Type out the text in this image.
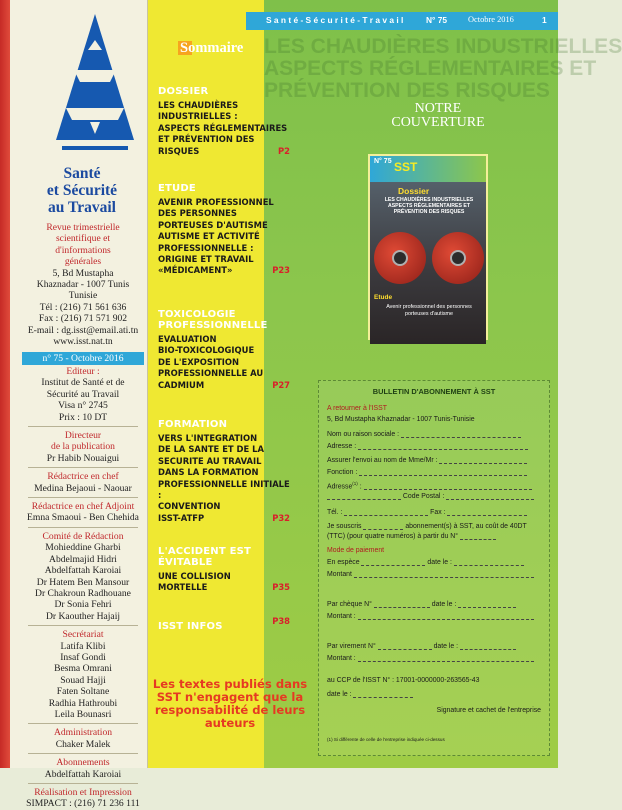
Santé
et Sécurité
au Travail
Revue trimestrielle
scientifique et
d'informations
générales
5, Bd Mustapha
Khaznadar - 1007 Tunis
Tunisie
Tél : (216) 71 561 636
Fax : (216) 71 571 902
E-mail : dg.isst@email.ati.tn
www.isst.nat.tn
n° 75 - Octobre 2016
Editeur :
Institut de Santé et de
Sécurité au Travail
Visa n° 2745
Prix : 10 DT
Directeur
de la publication
Pr Habib Nouaigui
Rédactrice en chef
Medina Bejaoui - Naouar
Rédactrice en chef Adjoint
Emna Smaoui - Ben Chehida
Comité de Rédaction
Mohieddine Gharbi
Abdelmajid Hidri
Abdelfattah Karoiai
Dr Hatem Ben Mansour
Dr Chakroun Radhouane
Dr Sonia Fehri
Dr Kaouther Hajaij
Secrétariat
Latifa Klibi
Insaf Gondi
Besma Omrani
Souad Hajji
Faten Soltane
Radhia Hathroubi
Leila Bounasri
Administration
Chaker Malek
Abonnements
Abdelfattah Karoiai
Réalisation et Impression
SIMPACT : (216) 71 236 111
LES CHAUDIÈRES INDUSTRIELLES
ASPECTS RÉGLEMENTAIRES ET
PRÉVENTION DES RISQUES
S a n t é - S é c u r i t é - T r a v a i l	N° 75 Octobre 2016	1
Sommaire
DOSSIER
LES CHAUDIÈRES
INDUSTRIELLES :
ASPECTS RÉGLEMENTAIRES
ET PRÉVENTION DES
RISQUES	P2
ETUDE
AVENIR PROFESSIONNEL
DES PERSONNES
PORTEUSES D'AUTISME
AUTISME ET ACTIVITÉ
PROFESSIONNELLE :
ORIGINE ET TRAVAIL
«MÉDICAMENT»	P23
TOXICOLOGIE PROFESSIONNELLE
EVALUATION
BIO-TOXICOLOGIQUE
DE L'EXPOSITION
PROFESSIONNELLE AU
CADMIUM	P27
FORMATION
VERS L'INTEGRATION
DE LA SANTE ET DE LA
SECURITE AU TRAVAIL
DANS LA FORMATION
PROFESSIONNELLE INITIALE :
CONVENTION
ISST-ATFP	P32
L'ACCIDENT EST ÉVITABLE
UNE COLLISION
MORTELLE	P35
ISST INFOS	P38
Les textes publiés dans SST n'engagent que la responsabilité de leurs auteurs
NOTRE
COUVERTURE
N° 75 SST
Dossier
LES CHAUDIÈRES INDUSTRIELLES ASPECTS RÉGLEMENTAIRES ET PRÉVENTION DES RISQUES
Etude
Avenir professionnel des personnes porteuses d'autisme
BULLETIN D'ABONNEMENT À SST
A retourner à l'ISST
5, Bd Mustapha Khaznadar - 1007 Tunis-Tunisie
Nom ou raison sociale :
Adresse :
Assurer l'envoi au nom de Mme/Mr :
Fonction :
Adresse$^{(1)}$ :
Code Postal :
Tél. :	Fax :
Je souscris	abonnement(s) à SST, au coût de 40DT
(TTC) (pour quatre numéros) à partir du N°
Mode de paiement
En espèce	date le :
Montant
Par chèque N°	date le :
Montant :
Par virement N°	date le :
Montant :
au CCP de l'ISST N° : 17001-0000000-263565-43
date le :
Signature et cachet de l'entreprise
(1) Si différente de celle de l'entreprise indiquée ci-dessus
